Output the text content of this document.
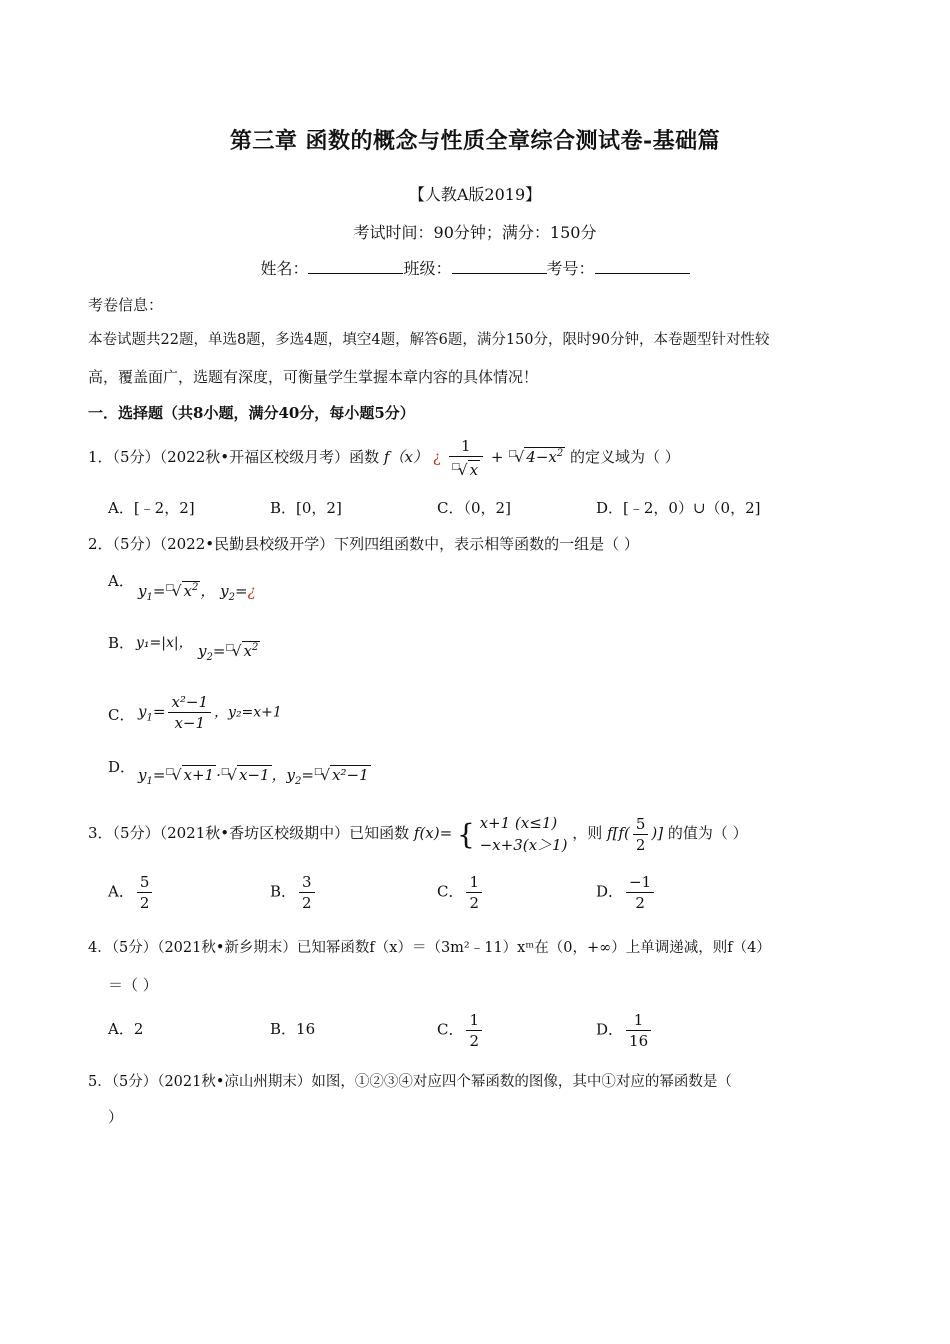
第三章 函数的概念与性质全章综合测试卷-基础篇
【人教A版2019】
考试时间：90分钟；满分：150分
姓名：	班级：	考号：
考卷信息：
本卷试题共22题，单选8题，多选4题，填空4题，解答6题，满分150分，限时90分钟，本卷题型针对性较
高，覆盖面广，选题有深度，可衡量学生掌握本章内容的具体情况！
一．选择题（共8小题，满分40分，每小题5分）
1．（5分）（2022秋•开福区校级月考）函数 f（x） ¿ $\frac{1}{^□√ x} + ^□√$ $4-x^2$ 的定义域为（ ）
A．[﹣2，2]	B．[0，2]	C．（0，2]	D．[﹣2，0）∪（0，2]
2．（5分）（2022•民勤县校级开学）下列四组函数中，表示相等函数的一组是（ ）
A．
$y_1=^□√$ $x^2$ ， $y_2=¿$
B． y₁=|x|， $y_2=^□√$ $x^2$
C． $y_1= \frac{\text{x²−1}}{x-1}$ ，y₂=x+1
D． $y_1=^□√$ x+1 ·□√ x−1 ，$y_2=^□√$ x²−1
3．（5分）（2021秋•香坊区校级期中）已知函数 f(x)= { x+1 (x≤1)
−x+3(x＞1)
，则 $f[f( \frac{5}{2}$ )] 的值为（ ）
A． $\frac{5}{2}$	B． $\frac{3}{2}$	C． $\frac{1}{2}$	D． $\frac{-1}{2}$
4．（5分）（2021秋•新乡期末）已知幂函数f（x）＝（3m²﹣11）xᵐ在（0，+∞）上单调递减，则f（4）
＝（ ）
A．2	B．16	C． $\frac{1}{2}$	D． $\frac{1}{16}$
5．（5分）（2021秋•凉山州期末）如图，①②③④对应四个幂函数的图像，其中①对应的幂函数是（
）
